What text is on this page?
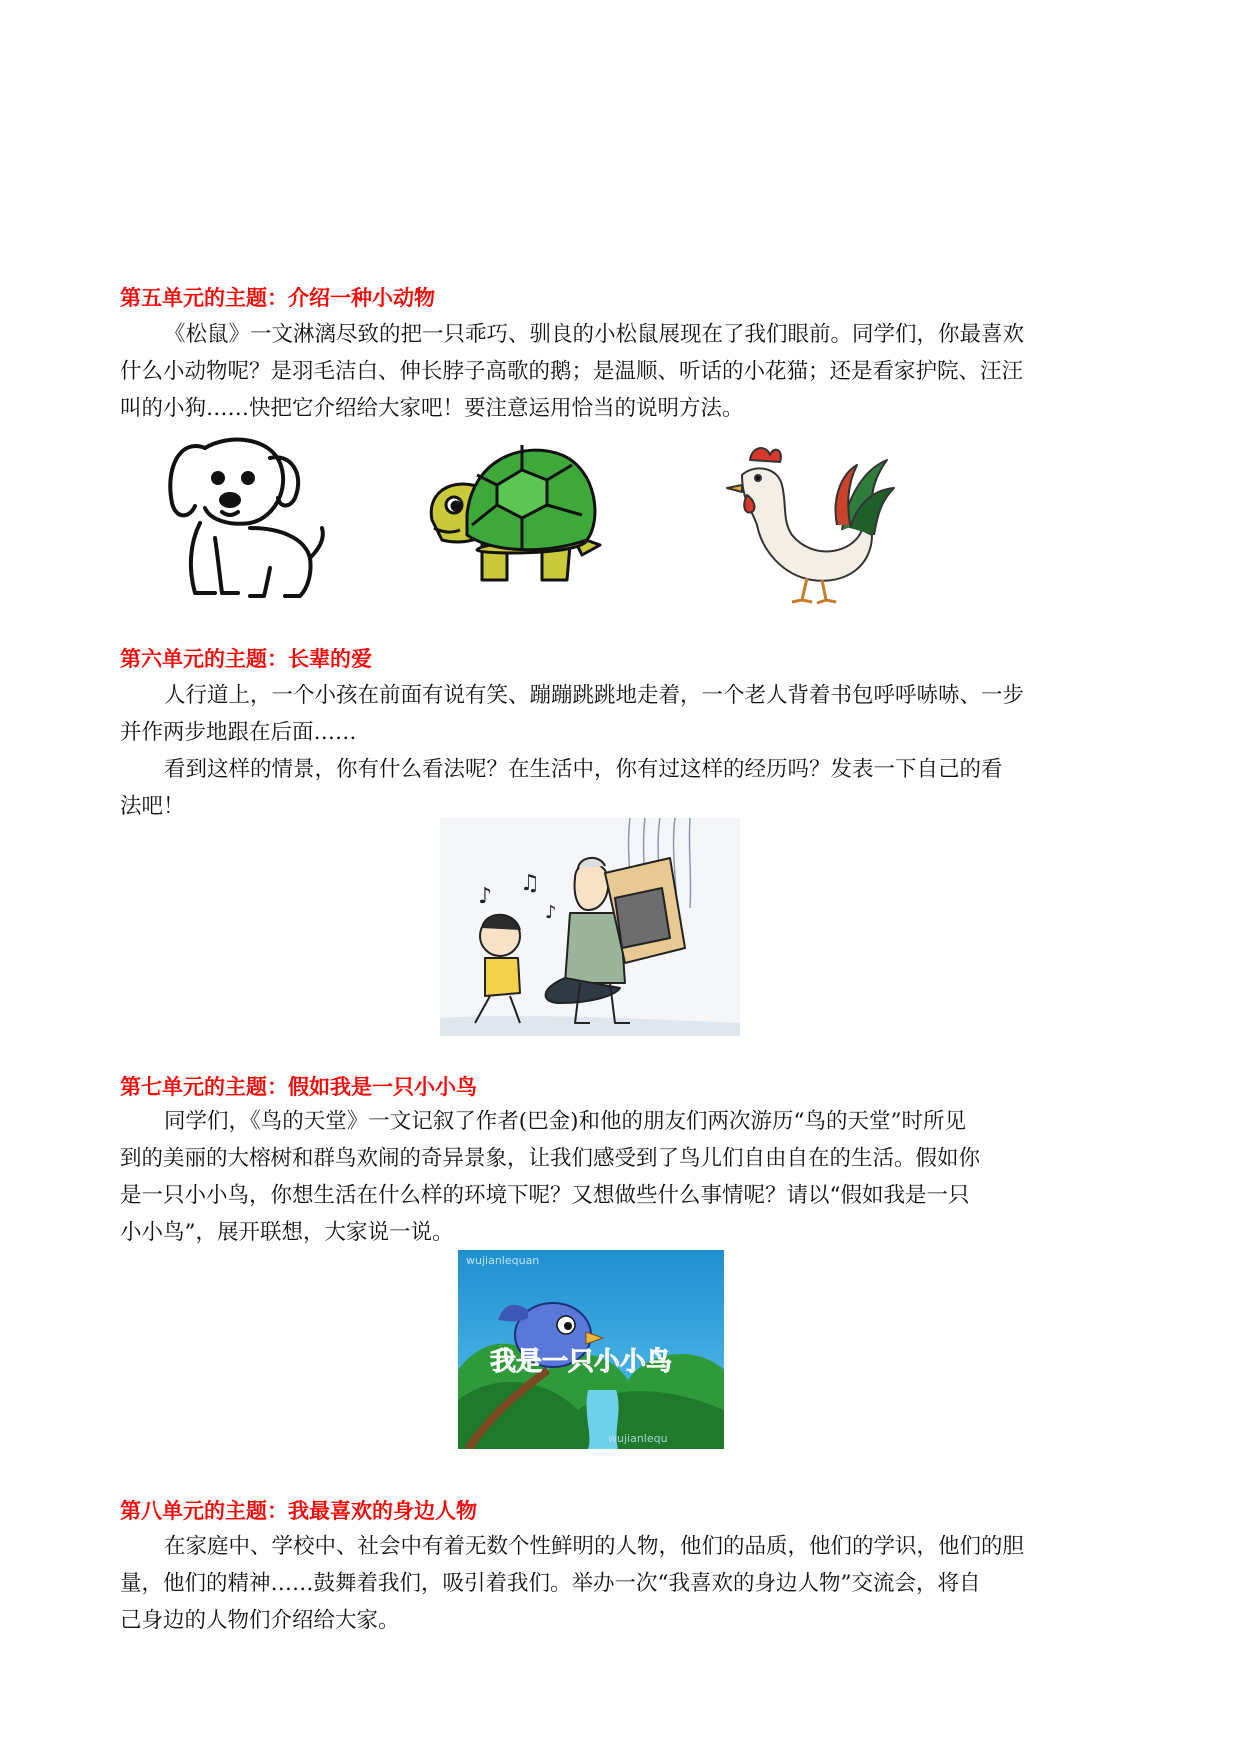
第五单元的主题：介绍一种小动物
《松鼠》一文淋漓尽致的把一只乖巧、驯良的小松鼠展现在了我们眼前。同学们，你最喜欢
什么小动物呢？是羽毛洁白、伸长脖子高歌的鹅；是温顺、听话的小花猫；还是看家护院、汪汪
叫的小狗……快把它介绍给大家吧！要注意运用恰当的说明方法。
第六单元的主题：长辈的爱
人行道上，一个小孩在前面有说有笑、蹦蹦跳跳地走着，一个老人背着书包呼呼哧哧、一步
并作两步地跟在后面……
看到这样的情景，你有什么看法呢？在生活中，你有过这样的经历吗？发表一下自己的看
法吧！
♪
♫
♪
第七单元的主题：假如我是一只小小鸟
同学们，《鸟的天堂》一文记叙了作者(巴金)和他的朋友们两次游历“鸟的天堂”时所见
到的美丽的大榕树和群鸟欢闹的奇异景象，让我们感受到了鸟儿们自由自在的生活。假如你
是一只小小鸟，你想生活在什么样的环境下呢？又想做些什么事情呢？请以“假如我是一只
小小鸟”，展开联想，大家说一说。
wujianlequan
我是一只小小鸟
wujianlequ
第八单元的主题：我最喜欢的身边人物
在家庭中、学校中、社会中有着无数个性鲜明的人物，他们的品质，他们的学识，他们的胆
量，他们的精神……鼓舞着我们，吸引着我们。举办一次“我喜欢的身边人物”交流会，将自
己身边的人物们介绍给大家。
